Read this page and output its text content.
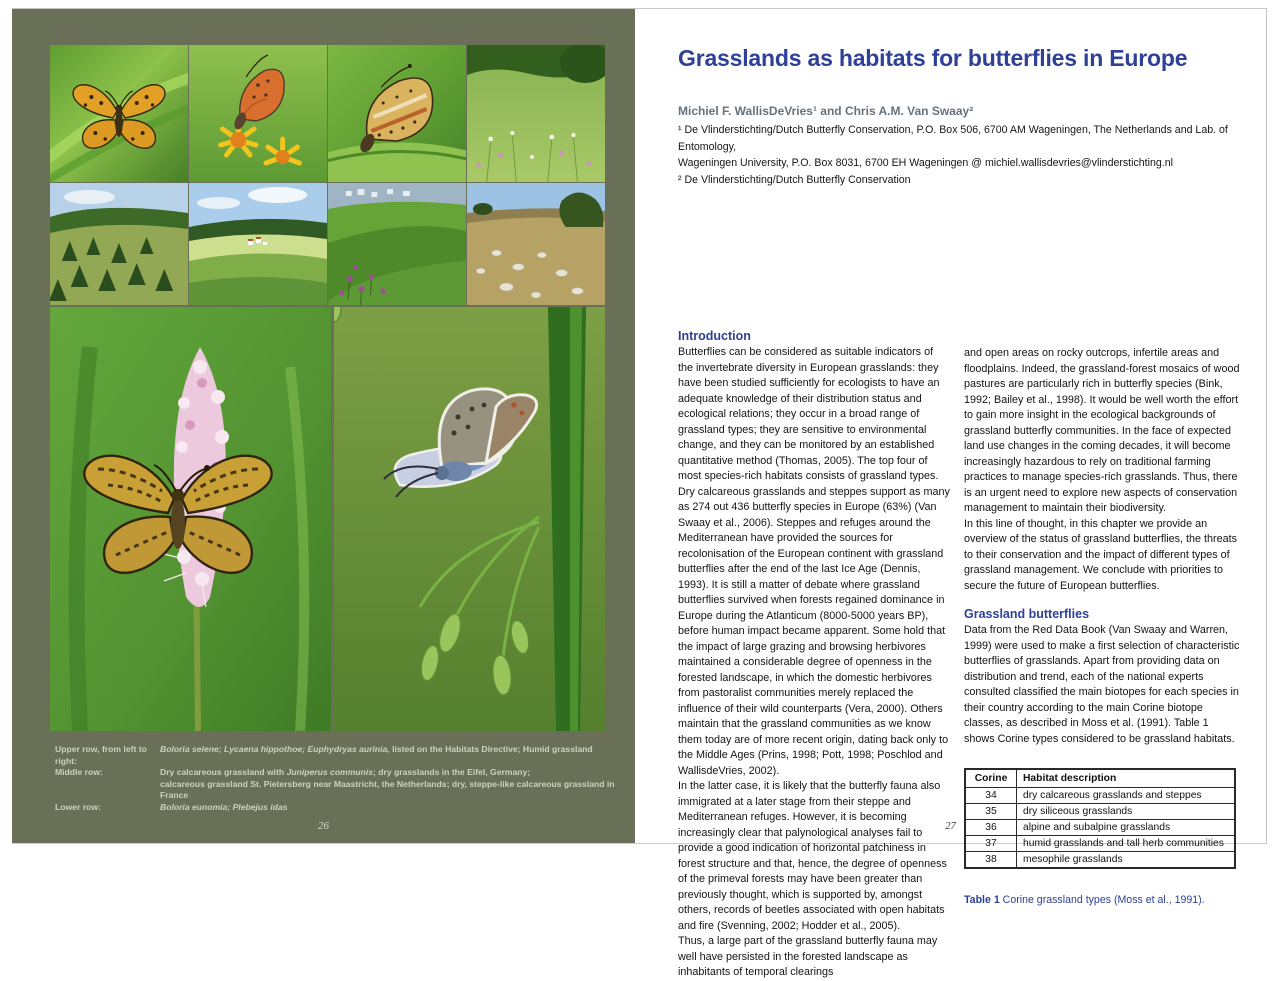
Upper row, from left to right:
Boloria selene; Lycaena hippothoe; Euphydryas aurinia, listed on the Habitats Directive; Humid grassland
Middle row:	Dry calcareous grassland with Juniperus communis; dry grasslands in the Eifel, Germany;
calcareous grassland St. Pietersberg near Maastricht, the Netherlands; dry, steppe-like calcareous grassland in France
Lower row:	Boloria eunomia; Plebejus idas
26
Grasslands as habitats for butterflies in Europe
Michiel F. WallisDeVries¹ and Chris A.M. Van Swaay²
¹ De Vlinderstichting/Dutch Butterfly Conservation, P.O. Box 506, 6700 AM Wageningen, The Netherlands and Lab. of Entomology,
Wageningen University, P.O. Box 8031, 6700 EH Wageningen @ michiel.wallisdevries@vlinderstichting.nl
² De Vlinderstichting/Dutch Butterfly Conservation
Introduction

Butterflies can be considered as suitable indicators of the invertebrate diversity in European grasslands: they have been studied sufficiently for ecologists to have an adequate knowledge of their distribution status and ecological relations; they occur in a broad range of grassland types; they are sensitive to environmental change, and they can be monitored by an established quantitative method (Thomas, 2005). The top four of most species-rich habitats consists of grassland types. Dry calcareous grasslands and steppes support as many as 274 out 436 butterfly species in Europe (63%) (Van Swaay et al., 2006). Steppes and refuges around the Mediterranean have provided the sources for recolonisation of the European continent with grassland butterflies after the end of the last Ice Age (Dennis, 1993). It is still a matter of debate where grassland butterflies survived when forests regained dominance in Europe during the Atlanticum (8000-5000 years BP), before human impact became apparent. Some hold that the impact of large grazing and browsing herbivores maintained a considerable degree of openness in the forested landscape, in which the domestic herbivores from pastoralist communities merely replaced the influence of their wild counterparts (Vera, 2000). Others maintain that the grassland communities as we know them today are of more recent origin, dating back only to the Middle Ages (Prins, 1998; Pott, 1998; Poschlod and WallisdeVries, 2002).

In the latter case, it is likely that the butterfly fauna also immigrated at a later stage from their steppe and Mediterranean refuges. However, it is becoming increasingly clear that palynological analyses fail to provide a good indication of horizontal patchiness in forest structure and that, hence, the degree of openness of the primeval forests may have been greater than previously thought, which is supported by, amongst others, records of beetles associated with open habitats and fire (Svenning, 2002; Hodder et al., 2005).

Thus, a large part of the grassland butterfly fauna may well have persisted in the forested landscape as inhabitants of temporal clearings

and open areas on rocky outcrops, infertile areas and floodplains. Indeed, the grassland-forest mosaics of wood pastures are particularly rich in butterfly species (Bink, 1992; Bailey et al., 1998). It would be well worth the effort to gain more insight in the ecological backgrounds of grassland butterfly communities. In the face of expected land use changes in the coming decades, it will become increasingly hazardous to rely on traditional farming practices to manage species-rich grasslands. Thus, there is an urgent need to explore new aspects of conservation management to maintain their biodiversity.

In this line of thought, in this chapter we provide an overview of the status of grassland butterflies, the threats to their conservation and the impact of different types of grassland management. We conclude with priorities to secure the future of European butterflies.

Grassland butterflies

Data from the Red Data Book (Van Swaay and Warren, 1999) were used to make a first selection of characteristic butterflies of grasslands. Apart from providing data on distribution and trend, each of the national experts consulted classified the main biotopes for each species in their country according to the main Corine biotope classes, as described in Moss et al. (1991). Table 1 shows Corine types considered to be grassland habitats.

Corine	Habitat description
34	dry calcareous grasslands and steppes
35	dry siliceous grasslands
36	alpine and subalpine grasslands
37	humid grasslands and tall herb communities
38	mesophile grasslands
Table 1 Corine grassland types (Moss et al., 1991).
27
